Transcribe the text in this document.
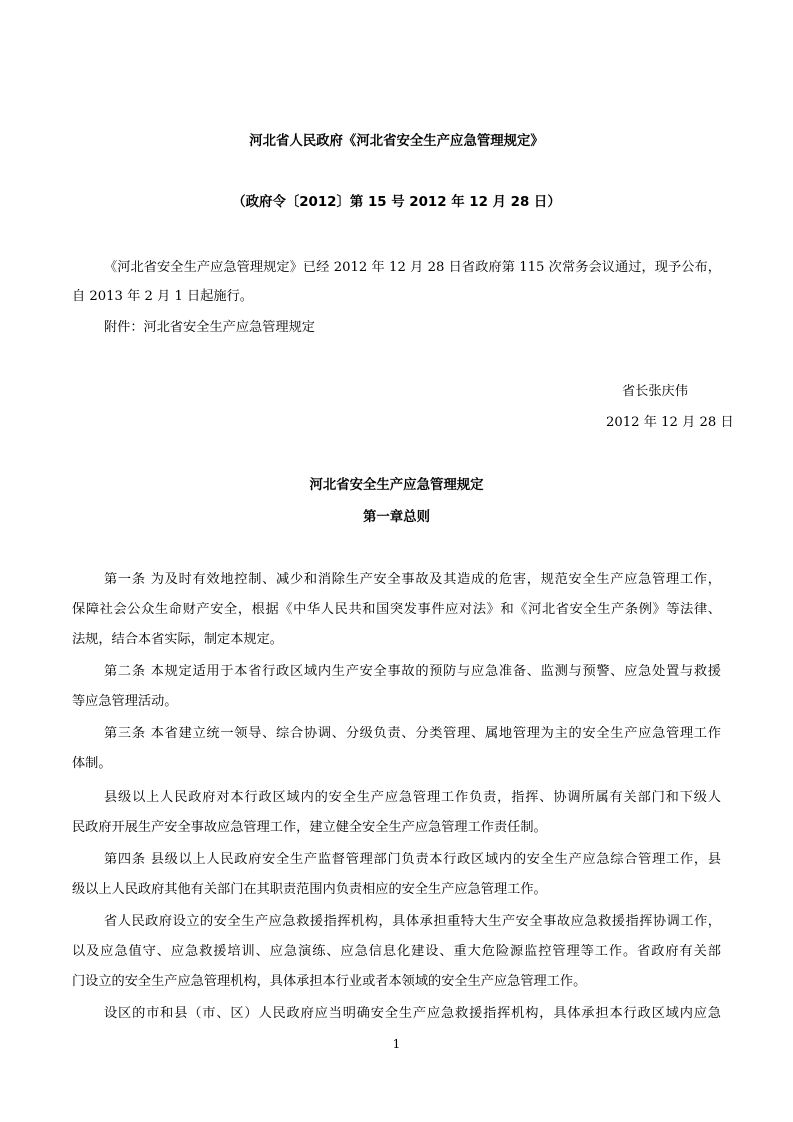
河北省人民政府《河北省安全生产应急管理规定》
（政府令〔2012〕第 15 号 2012 年 12 月 28 日）
《河北省安全生产应急管理规定》已经 2012 年 12 月 28 日省政府第 115 次常务会议通过，现予公布，
自 2013 年 2 月 1 日起施行。
附件：河北省安全生产应急管理规定
省长张庆伟
2012 年 12 月 28 日
河北省安全生产应急管理规定
第一章总则
第一条 为及时有效地控制、减少和消除生产安全事故及其造成的危害，规范安全生产应急管理工作，
保障社会公众生命财产安全，根据《中华人民共和国突发事件应对法》和《河北省安全生产条例》等法律、
法规，结合本省实际，制定本规定。
第二条 本规定适用于本省行政区域内生产安全事故的预防与应急准备、监测与预警、应急处置与救援
等应急管理活动。
第三条 本省建立统一领导、综合协调、分级负责、分类管理、属地管理为主的安全生产应急管理工作
体制。
县级以上人民政府对本行政区域内的安全生产应急管理工作负责，指挥、协调所属有关部门和下级人
民政府开展生产安全事故应急管理工作，建立健全安全生产应急管理工作责任制。
第四条 县级以上人民政府安全生产监督管理部门负责本行政区域内的安全生产应急综合管理工作，县
级以上人民政府其他有关部门在其职责范围内负责相应的安全生产应急管理工作。
省人民政府设立的安全生产应急救援指挥机构，具体承担重特大生产安全事故应急救援指挥协调工作，
以及应急值守、应急救援培训、应急演练、应急信息化建设、重大危险源监控管理等工作。省政府有关部
门设立的安全生产应急管理机构，具体承担本行业或者本领域的安全生产应急管理工作。
设区的市和县（市、区）人民政府应当明确安全生产应急救援指挥机构，具体承担本行政区域内应急
1
